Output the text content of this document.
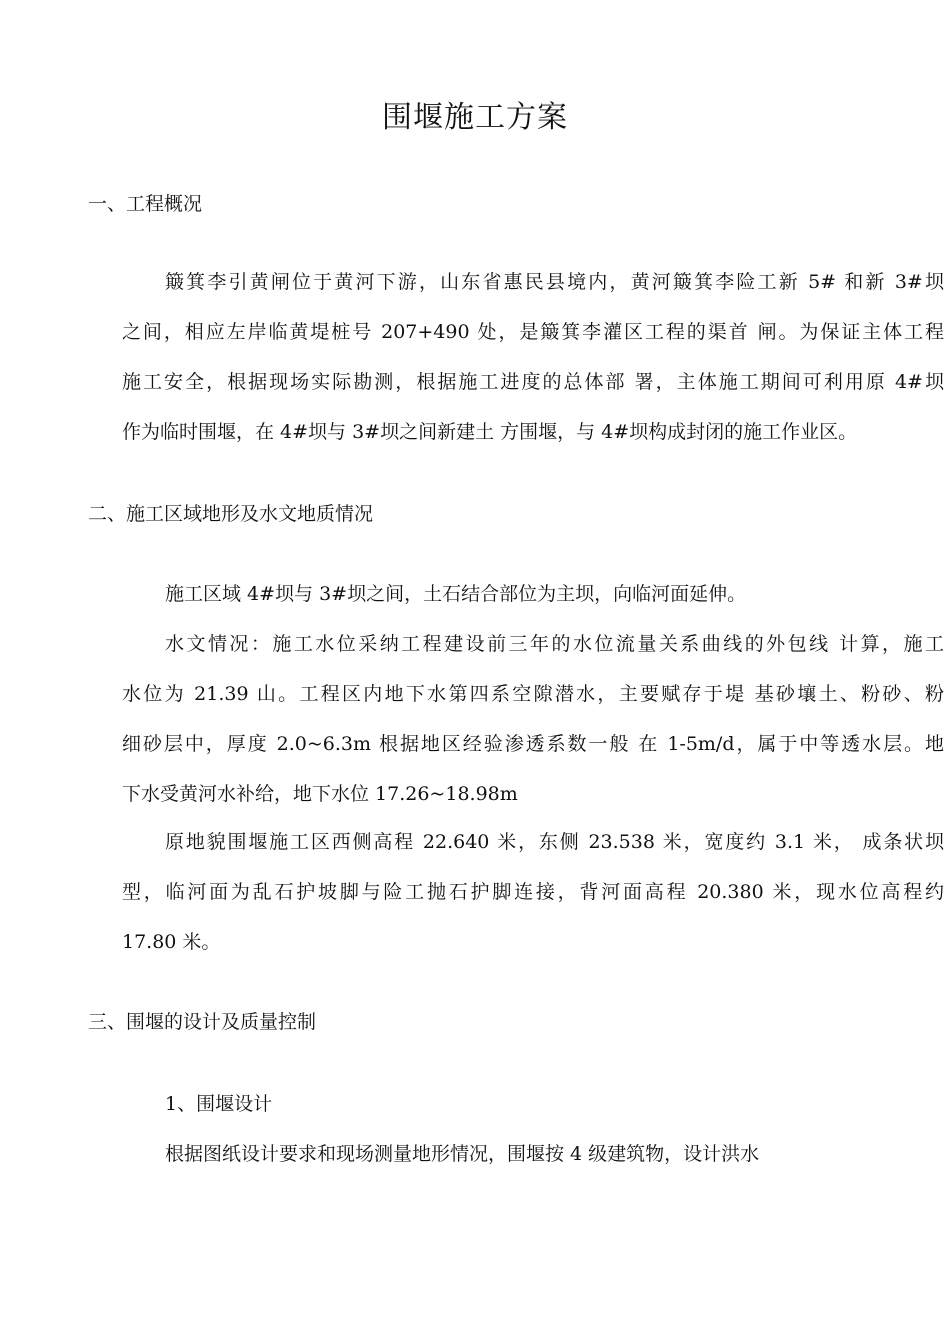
围堰施工方案
一、工程概况
簸箕李引黄闸位于黄河下游，山东省惠民县境内，黄河簸箕李险工新 5# 和新 3#坝
之间，相应左岸临黄堤桩号 207+490 处，是簸箕李灌区工程的渠首 闸。为保证主体工程
施工安全，根据现场实际勘测，根据施工进度的总体部 署，主体施工期间可利用原 4#坝
作为临时围堰，在 4#坝与 3#坝之间新建土 方围堰，与 4#坝构成封闭的施工作业区。
二、施工区域地形及水文地质情况
施工区域 4#坝与 3#坝之间，土石结合部位为主坝，向临河面延伸。
水文情况：施工水位采纳工程建设前三年的水位流量关系曲线的外包线 计算，施工
水位为 21.39 山。工程区内地下水第四系空隙潜水，主要赋存于堤 基砂壤土、粉砂、粉
细砂层中，厚度 2.0~6.3m 根据地区经验渗透系数一般 在 1-5m/d，属于中等透水层。地
下水受黄河水补给，地下水位 17.26~18.98m
原地貌围堰施工区西侧高程 22.640 米，东侧 23.538 米，宽度约 3.1 米， 成条状坝
型，临河面为乱石护坡脚与险工抛石护脚连接，背河面高程 20.380 米，现水位高程约
17.80 米。
三、围堰的设计及质量控制
1、围堰设计
根据图纸设计要求和现场测量地形情况，围堰按 4 级建筑物，设计洪水
